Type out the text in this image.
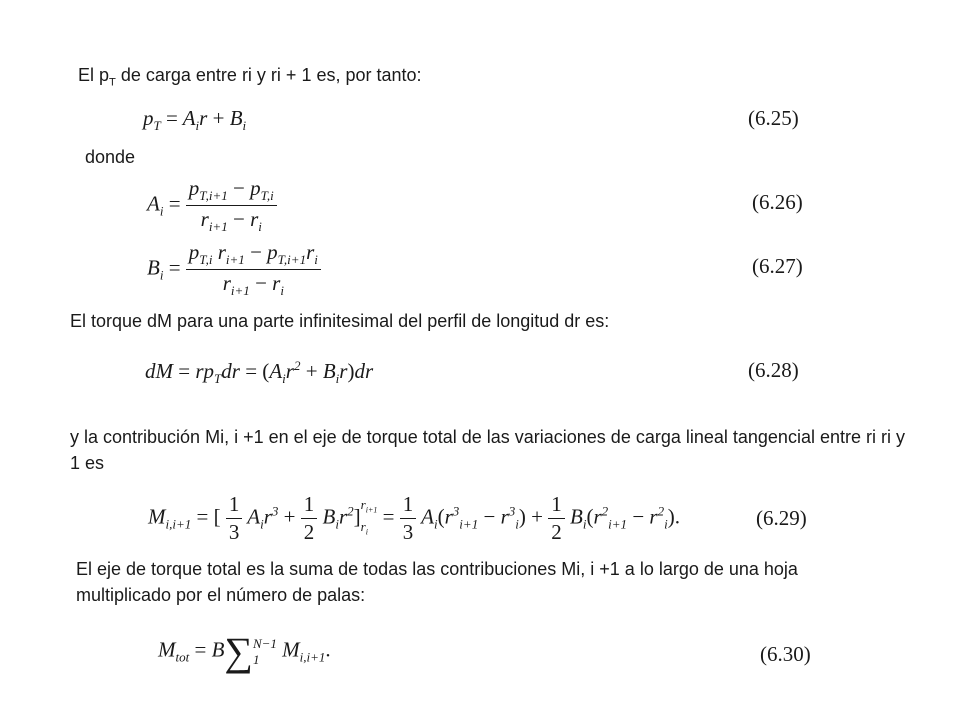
El $p_T$ de carga entre ri y ri + 1 es, por tanto:
$p_T = A_ir + B_i$	(6.25)
donde
$A_i = \frac{p_{T,i+1} - p_{T,i}}{r_{i+1} - r_i}$	(6.26)
$B_i = \frac{p_{T,i} r_{i+1} - p_{T,i+1}r_i}{r_{i+1} - r_i}$	(6.27)
El torque dM para una parte infinitesimal del perfil de longitud dr es:
dM = $rp_Tdr = (A_ir^2 + B_ir)dr$	(6.28)
y la contribución Mi, i +1 en el eje de torque total de las variaciones de carga lineal tangencial entre ri ri y 1 es
$M_{i,i+1}$ = [ $\frac{1}{3} A_ir^3 + \frac{1}{2} B_ir^2$] $r_{i+1}$
$r_i$
= $\frac{1}{3} A_i(r^3_{i+1} - r^3_i) + \frac{1}{2} B_i(r^2_{i+1} - r^2_i)$.	(6.29)
El eje de torque total es la suma de todas las contribuciones Mi, i +1 a lo largo de una hoja multiplicado por el número de palas:
$M_{tot} = B\sum$ N−1
1 $M_{i,i+1}$.	(6.30)
